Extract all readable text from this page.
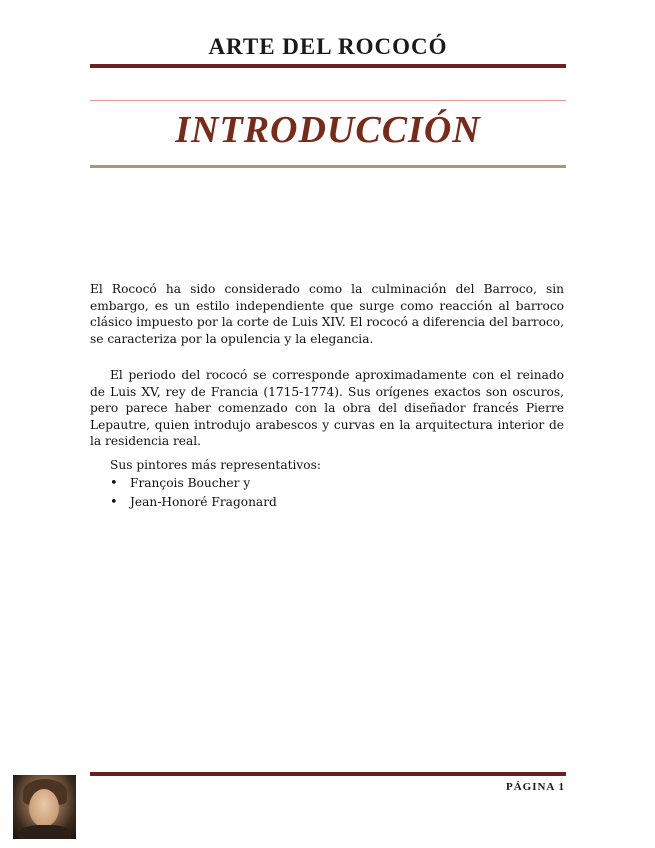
ARTE DEL ROCOCÓ
INTRODUCCIÓN
El Rococó ha sido considerado como la culminación del Barroco, sin embargo, es un estilo independiente que surge como reacción al barroco clásico impuesto por la corte de Luis XIV. El rococó a diferencia del barroco, se caracteriza por la opulencia y la elegancia.
El periodo del rococó se corresponde aproximadamente con el reinado de Luis XV, rey de Francia (1715-1774). Sus orígenes exactos son oscuros, pero parece haber comenzado con la obra del diseñador francés Pierre Lepautre, quien introdujo arabescos y curvas en la arquitectura interior de la residencia real.
Sus pintores más representativos:
• François Boucher y
• Jean-Honoré Fragonard
PÁGINA 1
